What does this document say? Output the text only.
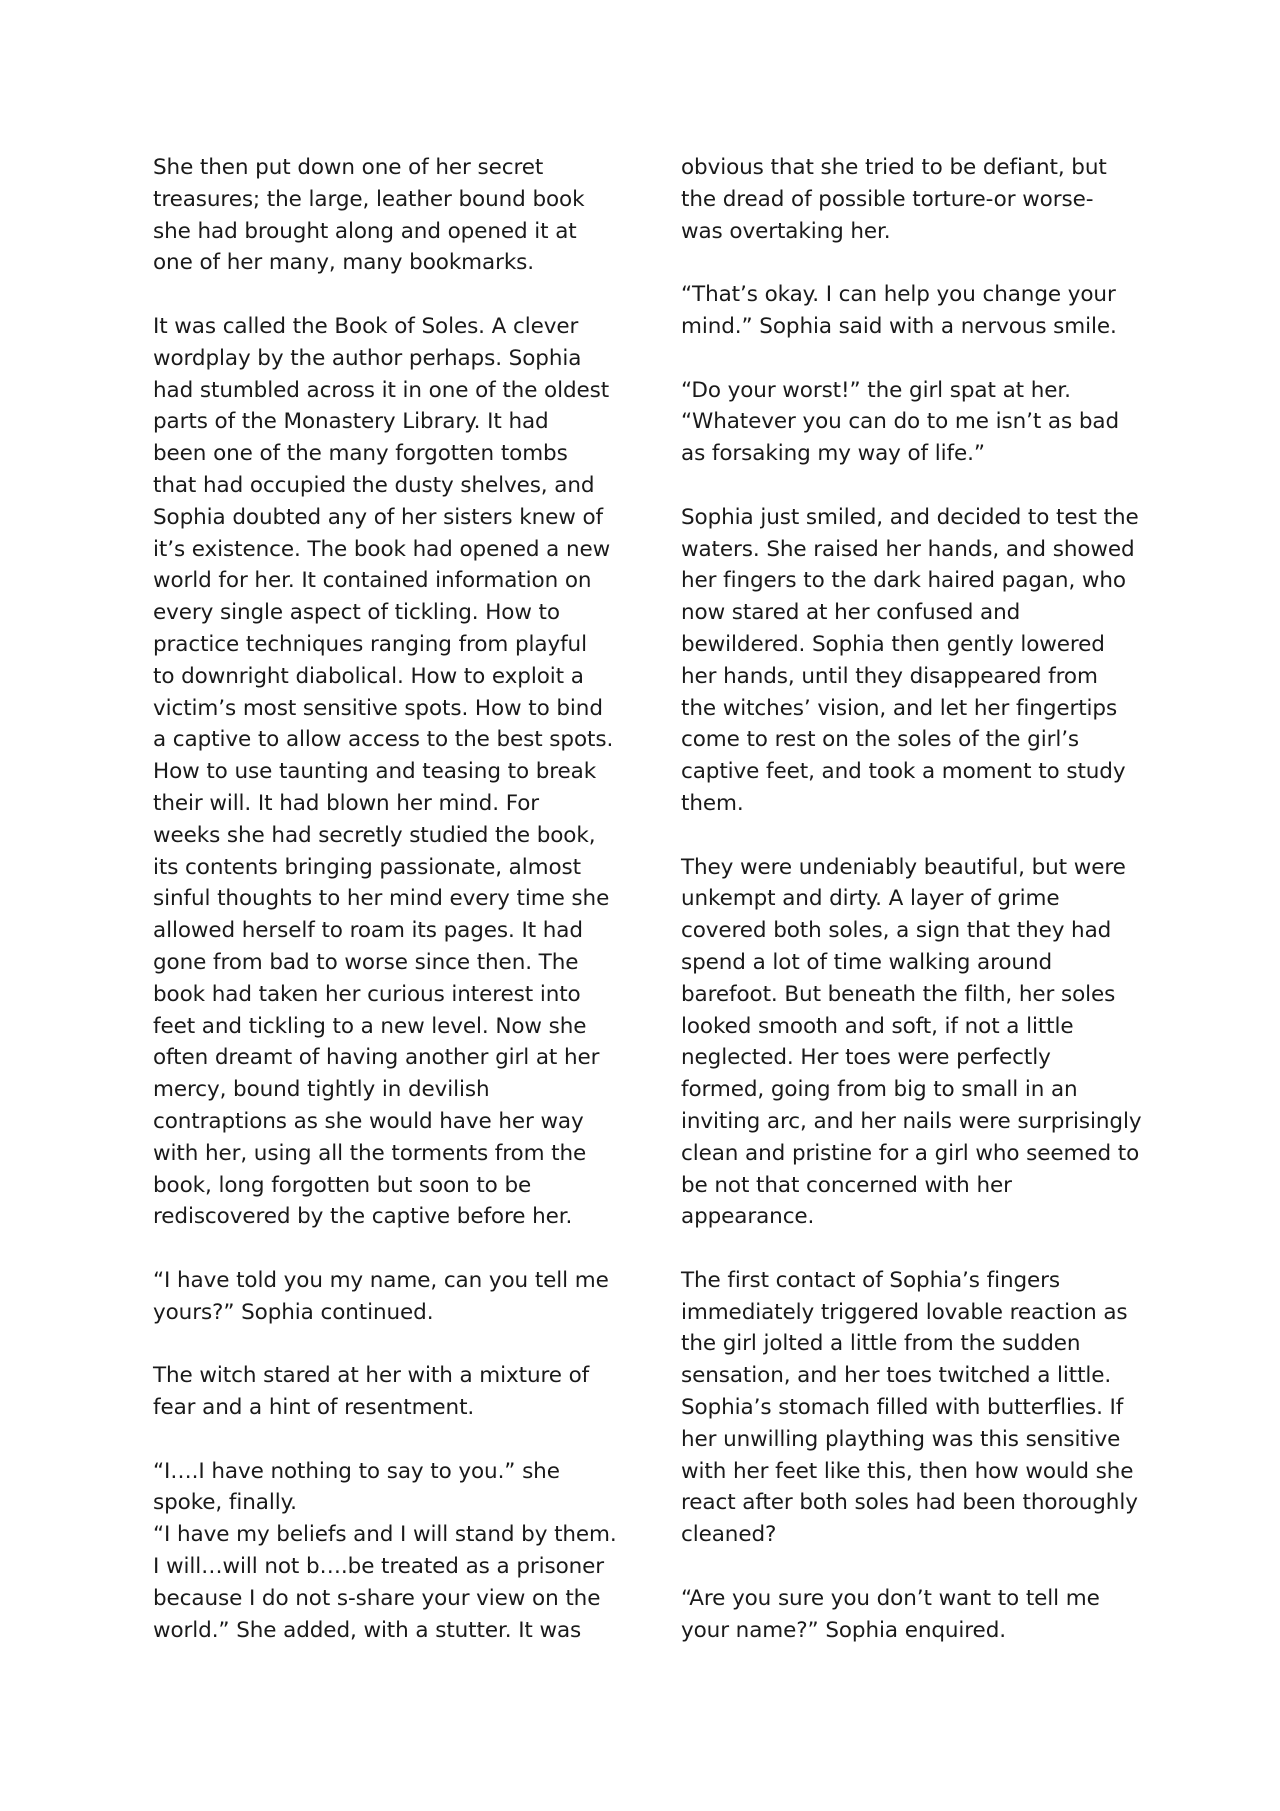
She then put down one of her secret
treasures; the large, leather bound book
she had brought along and opened it at
one of her many, many bookmarks.

It was called the Book of Soles. A clever
wordplay by the author perhaps. Sophia
had stumbled across it in one of the oldest
parts of the Monastery Library. It had
been one of the many forgotten tombs
that had occupied the dusty shelves, and
Sophia doubted any of her sisters knew of
it’s existence. The book had opened a new
world for her. It contained information on
every single aspect of tickling. How to
practice techniques ranging from playful
to downright diabolical. How to exploit a
victim’s most sensitive spots. How to bind
a captive to allow access to the best spots.
How to use taunting and teasing to break
their will. It had blown her mind. For
weeks she had secretly studied the book,
its contents bringing passionate, almost
sinful thoughts to her mind every time she
allowed herself to roam its pages. It had
gone from bad to worse since then. The
book had taken her curious interest into
feet and tickling to a new level. Now she
often dreamt of having another girl at her
mercy, bound tightly in devilish
contraptions as she would have her way
with her, using all the torments from the
book, long forgotten but soon to be
rediscovered by the captive before her.

“I have told you my name, can you tell me
yours?” Sophia continued.

The witch stared at her with a mixture of
fear and a hint of resentment.

“I….I have nothing to say to you.” she
spoke, finally.

“I have my beliefs and I will stand by them.
I will…will not b….be treated as a prisoner
because I do not s-share your view on the
world.” She added, with a stutter. It was

obvious that she tried to be defiant, but
the dread of possible torture-or worse-
was overtaking her.

“That’s okay. I can help you change your
mind.” Sophia said with a nervous smile.

“Do your worst!” the girl spat at her.
“Whatever you can do to me isn’t as bad
as forsaking my way of life.”

Sophia just smiled, and decided to test the
waters. She raised her hands, and showed
her fingers to the dark haired pagan, who
now stared at her confused and
bewildered. Sophia then gently lowered
her hands, until they disappeared from
the witches’ vision, and let her fingertips
come to rest on the soles of the girl’s
captive feet, and took a moment to study
them.

They were undeniably beautiful, but were
unkempt and dirty. A layer of grime
covered both soles, a sign that they had
spend a lot of time walking around
barefoot. But beneath the filth, her soles
looked smooth and soft, if not a little
neglected. Her toes were perfectly
formed, going from big to small in an
inviting arc, and her nails were surprisingly
clean and pristine for a girl who seemed to
be not that concerned with her
appearance.

The first contact of Sophia’s fingers
immediately triggered lovable reaction as
the girl jolted a little from the sudden
sensation, and her toes twitched a little.
Sophia’s stomach filled with butterflies. If
her unwilling plaything was this sensitive
with her feet like this, then how would she
react after both soles had been thoroughly
cleaned?

“Are you sure you don’t want to tell me
your name?” Sophia enquired.
